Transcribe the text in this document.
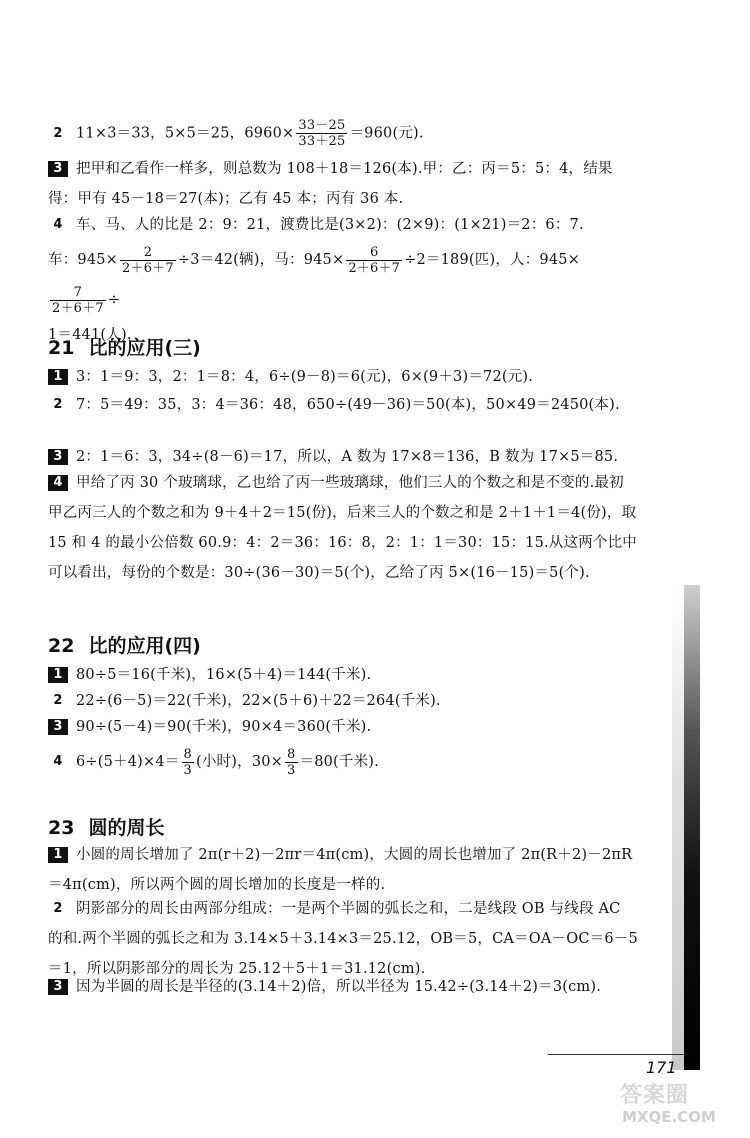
2 11×3＝33，5×5＝25，$6960\times \frac{33-25}{33+25} =960$(元).
3 把甲和乙看作一样多，则总数为 108＋18＝126(本).甲：乙：丙＝5：5：4，结果得：甲有 45－18＝27(本)；乙有 45 本；丙有 36 本.
4 车、马、人的比是 2：9：21，渡费比是(3×2)：(2×9)：(1×21)＝2：6：7.
车：$945\times \frac{2}{2+6+7} \div 3=42$(辆)，马：$945\times \frac{6}{2+6+7} \div 2=189$(匹)，人：945×
$\frac{7}{2+6+7}$ ÷
1＝441(人).
21 比的应用(三)
1 3：1＝9：3，2：1＝8：4，6÷(9－8)＝6(元)，6×(9＋3)＝72(元).
2 7：5＝49：35，3：4＝36：48，650÷(49－36)＝50(本)，50×49＝2450(本).
3 2：1＝6：3，34÷(8－6)＝17，所以，A 数为 17×8＝136，B 数为 17×5＝85.
4 甲给了丙 30 个玻璃球，乙也给了丙一些玻璃球，他们三人的个数之和是不变的.最初甲乙丙三人的个数之和为 9＋4＋2＝15(份)，后来三人的个数之和是 2＋1＋1＝4(份)，取 15 和 4 的最小公倍数 60.9：4：2＝36：16：8，2：1：1＝30：15：15.从这两个比中可以看出，每份的个数是：30÷(36－30)＝5(个)，乙给了丙 5×(16－15)＝5(个).
22 比的应用(四)
1 80÷5＝16(千米)，16×(5＋4)＝144(千米).
2 22÷(6－5)＝22(千米)，22×(5＋6)＋22＝264(千米).
3 90÷(5－4)＝90(千米)，90×4＝360(千米).
4 $6\div(5+4)\times 4= \frac{8}{3}$ (小时)，$30\times \frac{8}{3} =80$(千米).
23 圆的周长
1 小圆的周长增加了 2π(r＋2)－2πr＝4π(cm)，大圆的周长也增加了 2π(R＋2)－2πR＝4π(cm)，所以两个圆的周长增加的长度是一样的.
2 阴影部分的周长由两部分组成：一是两个半圆的弧长之和，二是线段 OB 与线段 AC 的和.两个半圆的弧长之和为 3.14×5＋3.14×3＝25.12，OB＝5，CA＝OA－OC＝6－5＝1，所以阴影部分的周长为 25.12＋5＋1＝31.12(cm).
3 因为半圆的周长是半径的(3.14＋2)倍，所以半径为 15.42÷(3.14＋2)＝3(cm).
171
答案圈
MXQE.COM
